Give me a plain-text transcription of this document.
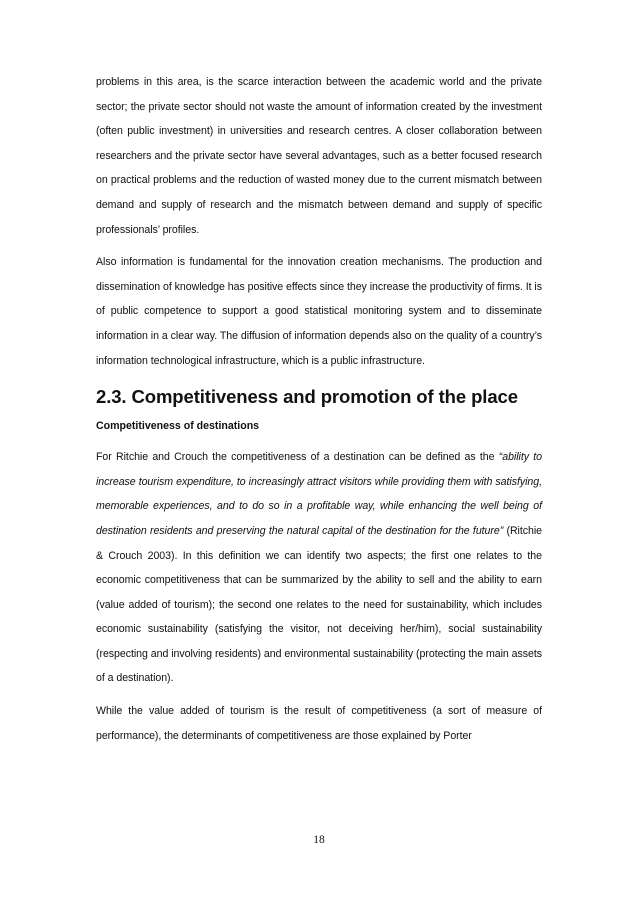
problems in this area, is the scarce interaction between the academic world and the private sector; the private sector should not waste the amount of information created by the investment (often public investment) in universities and research centres. A closer collaboration between researchers and the private sector have several advantages, such as a better focused research on practical problems and the reduction of wasted money due to the current mismatch between demand and supply of research and the mismatch between demand and supply of specific professionals’ profiles.

Also information is fundamental for the innovation creation mechanisms. The production and dissemination of knowledge has positive effects since they increase the productivity of firms. It is of public competence to support a good statistical monitoring system and to disseminate information in a clear way. The diffusion of information depends also on the quality of a country’s information technological infrastructure, which is a public infrastructure.

2.3. Competitiveness and promotion of the place
Competitiveness of destinations

For Ritchie and Crouch the competitiveness of a destination can be defined as the “ability to increase tourism expenditure, to increasingly attract visitors while providing them with satisfying, memorable experiences, and to do so in a profitable way, while enhancing the well being of destination residents and preserving the natural capital of the destination for the future” (Ritchie & Crouch 2003). In this definition we can identify two aspects; the first one relates to the economic competitiveness that can be summarized by the ability to sell and the ability to earn (value added of tourism); the second one relates to the need for sustainability, which includes economic sustainability (satisfying the visitor, not deceiving her/him), social sustainability (respecting and involving residents) and environmental sustainability (protecting the main assets of a destination).

While the value added of tourism is the result of competitiveness (a sort of measure of performance), the determinants of competitiveness are those explained by Porter

18
